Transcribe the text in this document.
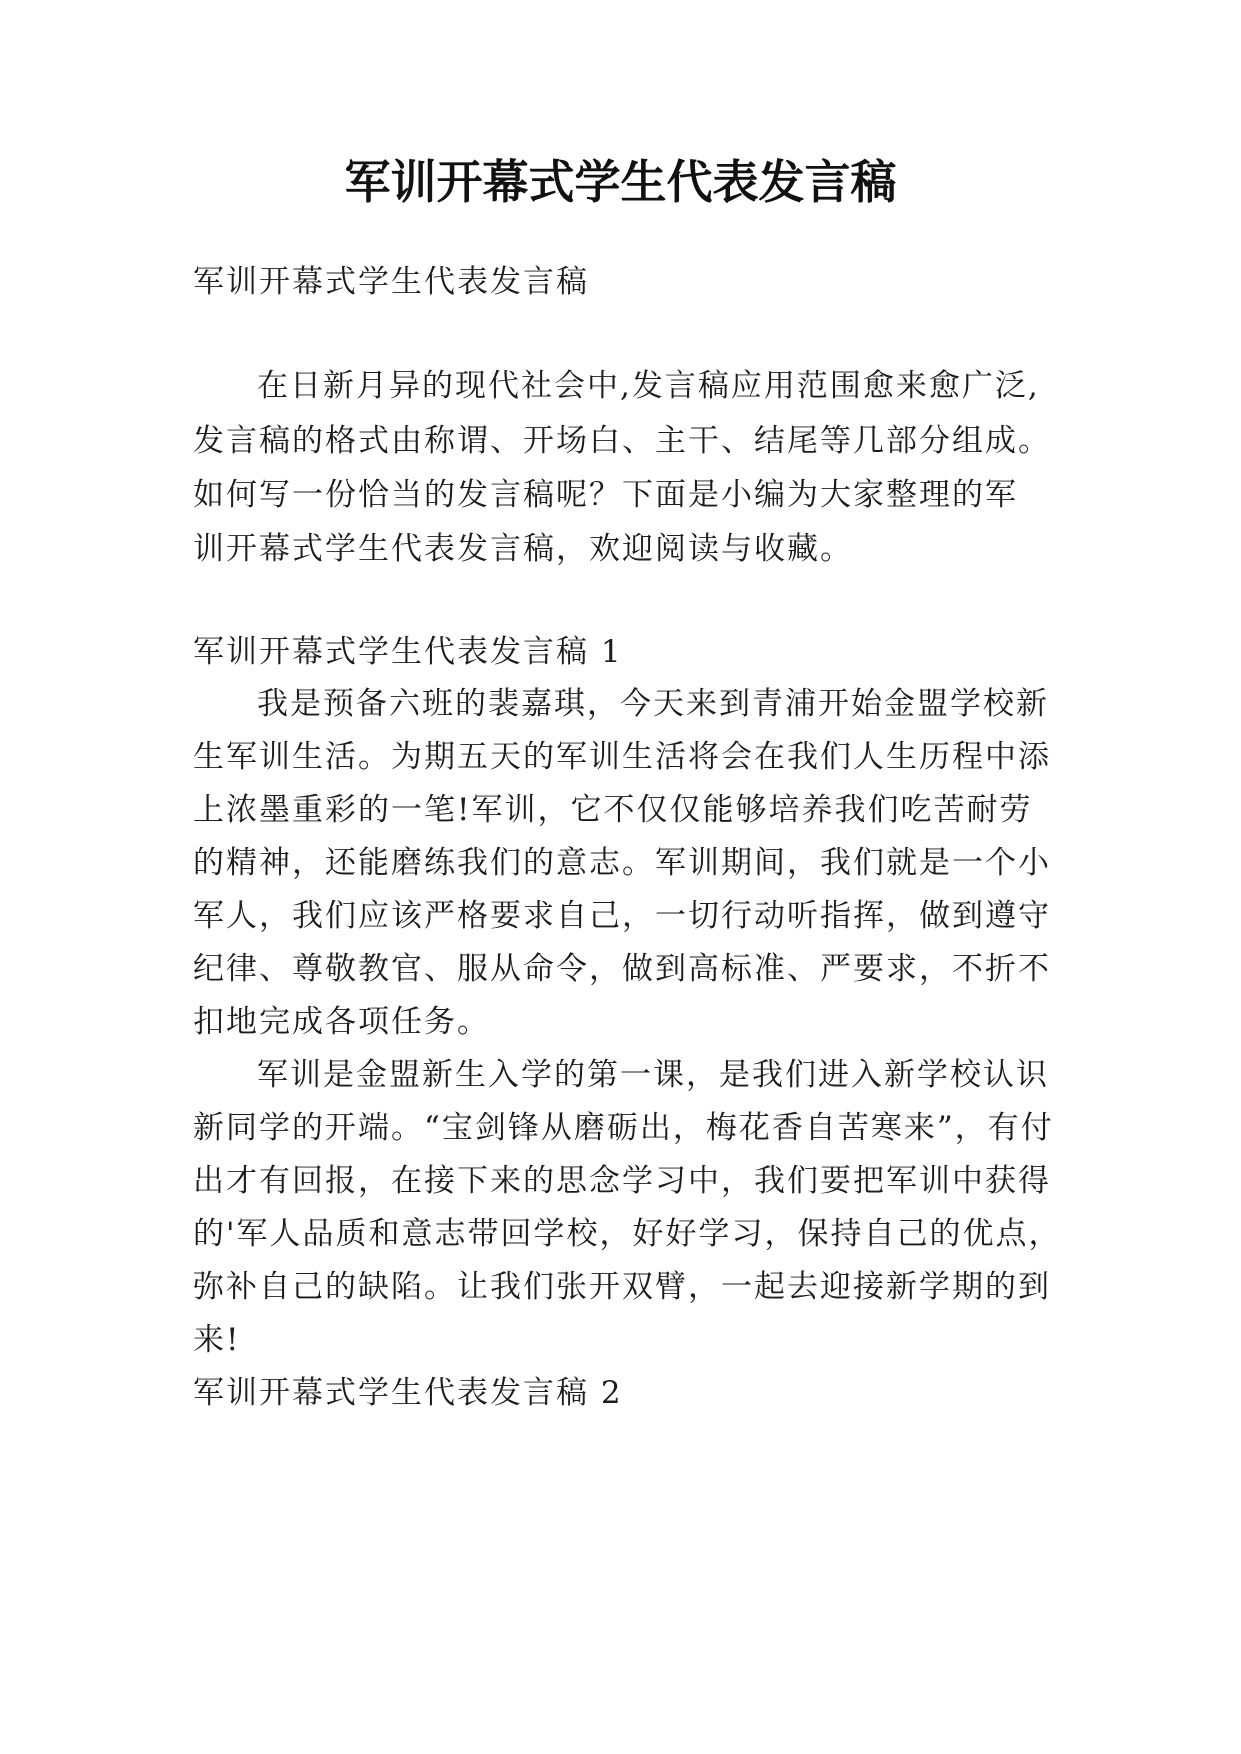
军训开幕式学生代表发言稿

军训开幕式学生代表发言稿

在日新月异的现代社会中,发言稿应用范围愈来愈广泛,

发言稿的格式由称谓、开场白、主干、结尾等几部分组成。

如何写一份恰当的发言稿呢？下面是小编为大家整理的军

训开幕式学生代表发言稿，欢迎阅读与收藏。

军训开幕式学生代表发言稿 1

我是预备六班的裴嘉琪，今天来到青浦开始金盟学校新

生军训生活。为期五天的军训生活将会在我们人生历程中添

上浓墨重彩的一笔!军训，它不仅仅能够培养我们吃苦耐劳

的精神，还能磨练我们的意志。军训期间，我们就是一个小

军人，我们应该严格要求自己，一切行动听指挥，做到遵守

纪律、尊敬教官、服从命令，做到高标准、严要求，不折不

扣地完成各项任务。

军训是金盟新生入学的第一课，是我们进入新学校认识

新同学的开端。“宝剑锋从磨砺出，梅花香自苦寒来”，有付

出才有回报，在接下来的思念学习中，我们要把军训中获得

的'军人品质和意志带回学校，好好学习，保持自己的优点，

弥补自己的缺陷。让我们张开双臂，一起去迎接新学期的到

来!

军训开幕式学生代表发言稿 2
